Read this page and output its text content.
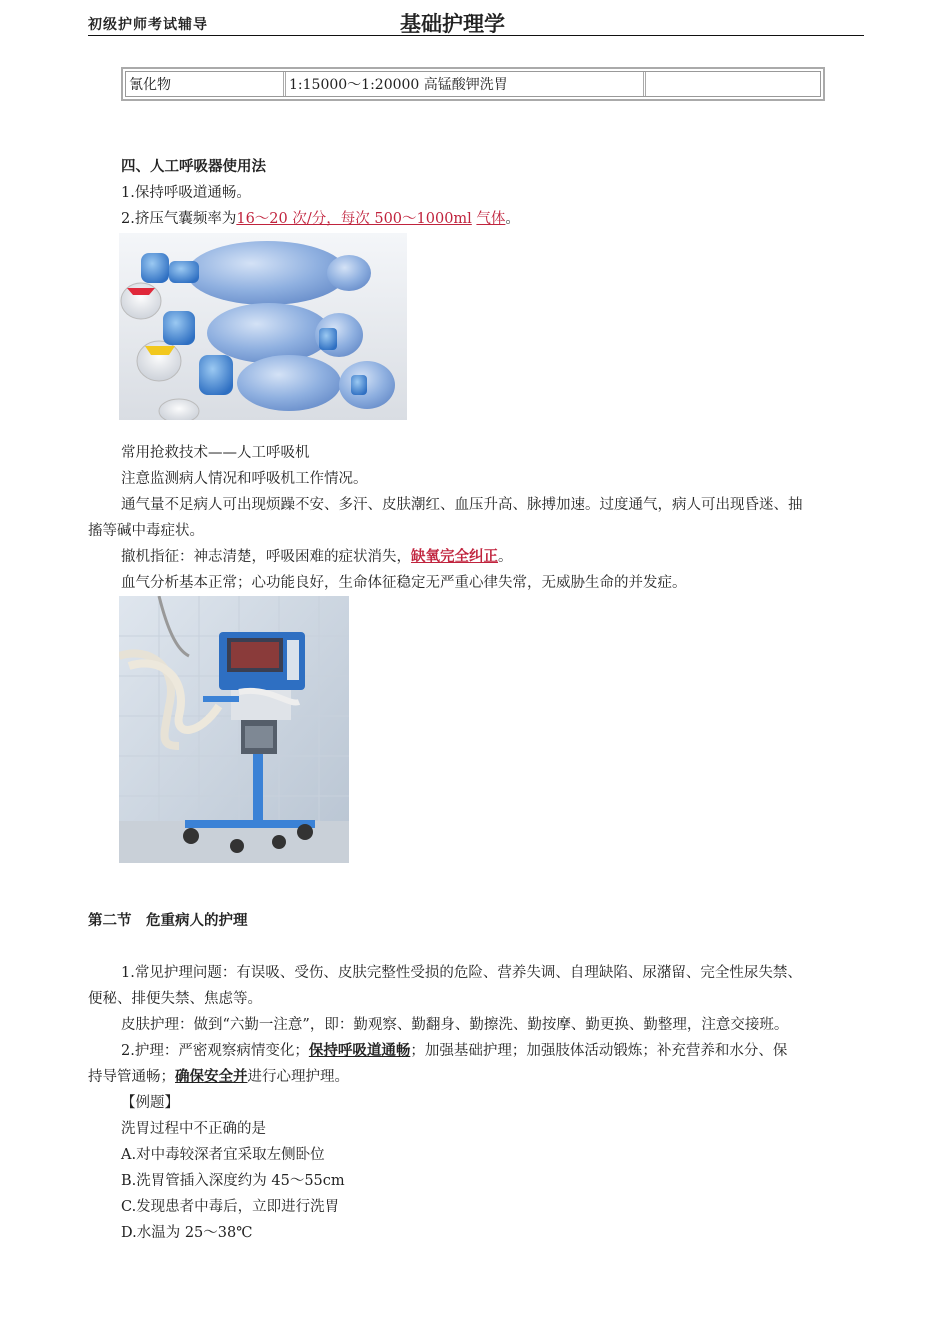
初级护师考试辅导	基础护理学
氰化物	1:15000～1:20000 高锰酸钾洗胃
四、人工呼吸器使用法
1.保持呼吸道通畅。
2.挤压气囊频率为16～20 次/分，每次 500～1000ml 气体。
常用抢救技术——人工呼吸机
注意监测病人情况和呼吸机工作情况。
通气量不足病人可出现烦躁不安、多汗、皮肤潮红、血压升高、脉搏加速。过度通气，病人可出现昏迷、抽
搐等碱中毒症状。
撤机指征：神志清楚，呼吸困难的症状消失，缺氧完全纠正。
血气分析基本正常；心功能良好，生命体征稳定无严重心律失常，无威胁生命的并发症。
第二节　危重病人的护理
1.常见护理问题：有误吸、受伤、皮肤完整性受损的危险、营养失调、自理缺陷、尿潴留、完全性尿失禁、
便秘、排便失禁、焦虑等。
皮肤护理：做到“六勤一注意”，即：勤观察、勤翻身、勤擦洗、勤按摩、勤更换、勤整理，注意交接班。
2.护理：严密观察病情变化；保持呼吸道通畅；加强基础护理；加强肢体活动锻炼；补充营养和水分、保
持导管通畅；确保安全并进行心理护理。
【例题】
洗胃过程中不正确的是
A.对中毒较深者宜采取左侧卧位
B.洗胃管插入深度约为 45～55cm
C.发现患者中毒后，立即进行洗胃
D.水温为 25～38℃
